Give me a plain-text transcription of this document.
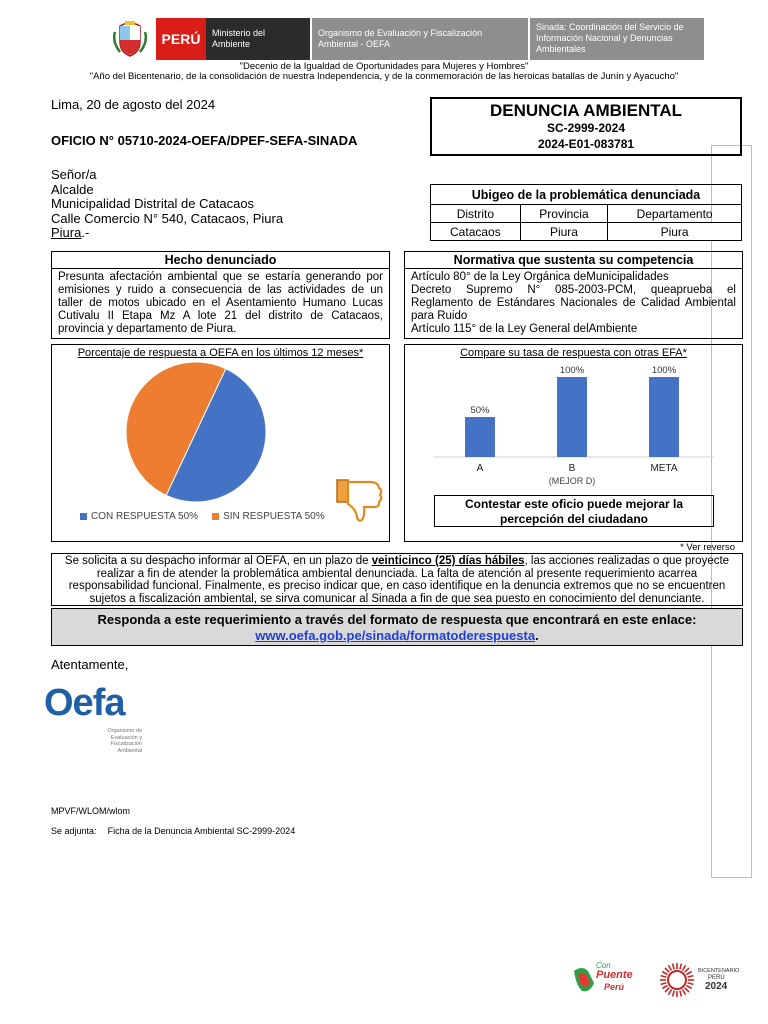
PERÚ	Ministerio del Ambiente
Organismo de Evaluación y Fiscalización Ambiental - OEFA
Sinada: Coordinación del Servicio de Información Nacional y Denuncias Ambientales
"Decenio de la Igualdad de Oportunidades para Mujeres y Hombres"
"Año del Bicentenario, de la consolidación de nuestra Independencia, y de la conmemoración de las heroicas batallas de Junín y Ayacucho"
Lima, 20 de agosto del 2024
OFICIO N° 05710-2024-OEFA/DPEF-SEFA-SINADA
Señor/a
Alcalde
Municipalidad Distrital de Catacaos
Calle Comercio N° 540, Catacaos, Piura
Piura.-
DENUNCIA AMBIENTAL
SC-2999-2024
2024-E01-083781
Ubigeo de la problemática denunciada		
Distrito	Provincia	Departamento
Catacaos	Piura	Piura
Hecho denunciado
Presunta afectación ambiental que se estaría generando por emisiones y ruido a consecuencia de las actividades de un taller de motos ubicado en el Asentamiento Humano Lucas Cutivalu II Etapa Mz A lote 21 del distrito de Catacaos, provincia y departamento de Piura.
Normativa que sustenta su competencia
Artículo 80° de la Ley Orgánica deMunicipalidades
Decreto Supremo N° 085-2003-PCM, queaprueba el Reglamento de Estándares Nacionales de Calidad Ambiental para Ruido
Artículo 115° de la Ley General delAmbiente
Porcentaje de respuesta a OEFA en los últimos 12 meses*
CON RESPUESTA 50%	SIN RESPUESTA 50%
Compare su tasa de respuesta con otras EFA*
50%
A
100%
B
(MEJOR D)
100%
META
Contestar este oficio puede mejorar la percepción del ciudadano
* Ver reverso
Se solicita a su despacho informar al OEFA, en un plazo de veinticinco (25) días hábiles, las acciones realizadas o que proyecte realizar a fin de atender la problemática ambiental denunciada. La falta de atención al presente requerimiento acarrea responsabilidad funcional. Finalmente, es preciso indicar que, en caso identifique en la denuncia extremos que no se encuentren sujetos a fiscalización ambiental, se sirva comunicar al Sinada a fin de que sea puesto en conocimiento del denunciante.
Responda a este requerimiento a través del formato de respuesta que encontrará en este enlace:
www.oefa.gob.pe/sinada/formatoderespuesta.
Atentamente,
Oefa
Organismo de Evaluación y Fiscalización Ambiental
MPVF/WLOM/wlom
Se adjunta: Ficha de la Denuncia Ambiental SC-2999-2024
Con
Puente
Perú
BICENTENARIO
PERÚ
2024
